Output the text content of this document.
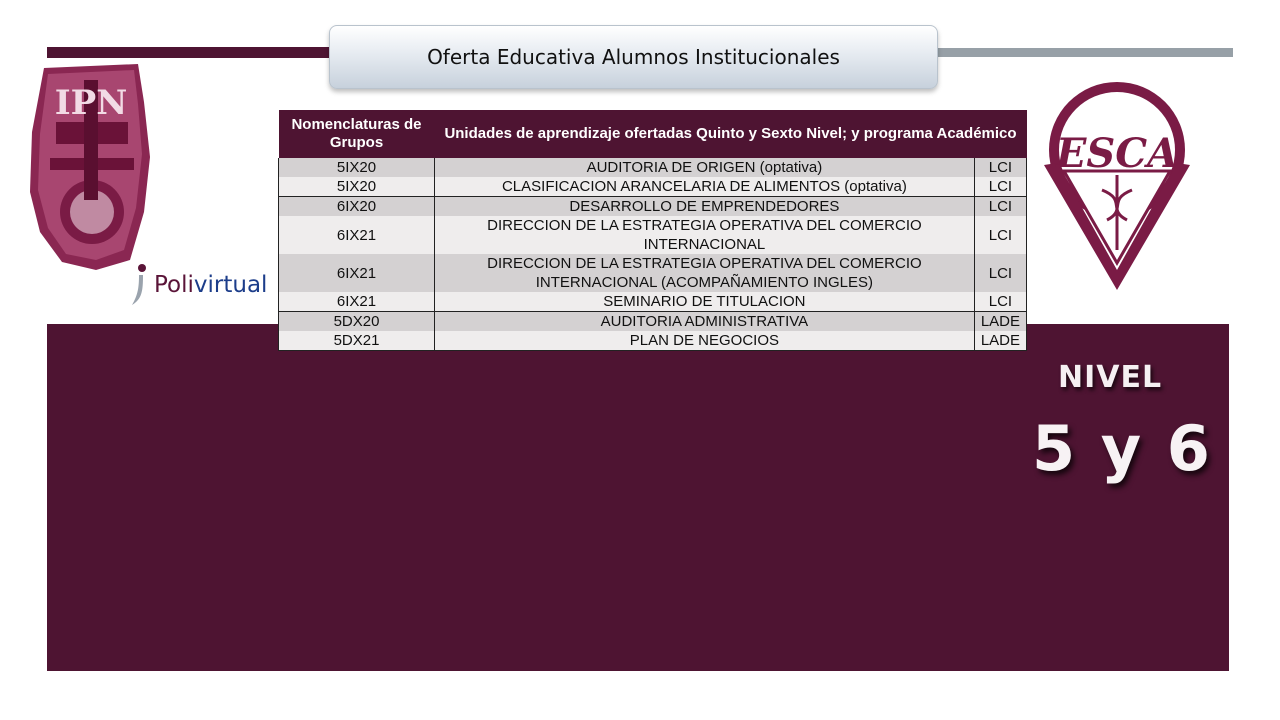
Oferta Educativa Alumnos Institucionales
IPN
Polivirtual
ESCA
Nomenclaturas de Grupos	Unidades de aprendizaje ofertadas Quinto y Sexto Nivel; y programa Académico	
5IX20	AUDITORIA DE ORIGEN (optativa)	LCI
5IX20	CLASIFICACION ARANCELARIA DE ALIMENTOS (optativa)	LCI
6IX20	DESARROLLO DE EMPRENDEDORES	LCI
6IX21	DIRECCION DE LA ESTRATEGIA OPERATIVA DEL COMERCIO INTERNACIONAL	LCI
6IX21	DIRECCION DE LA ESTRATEGIA OPERATIVA DEL COMERCIO INTERNACIONAL (ACOMPAÑAMIENTO INGLES)	LCI
6IX21	SEMINARIO DE TITULACION	LCI
5DX20	AUDITORIA ADMINISTRATIVA	LADE
5DX21	PLAN DE NEGOCIOS	LADE
NIVEL
5 y 6
